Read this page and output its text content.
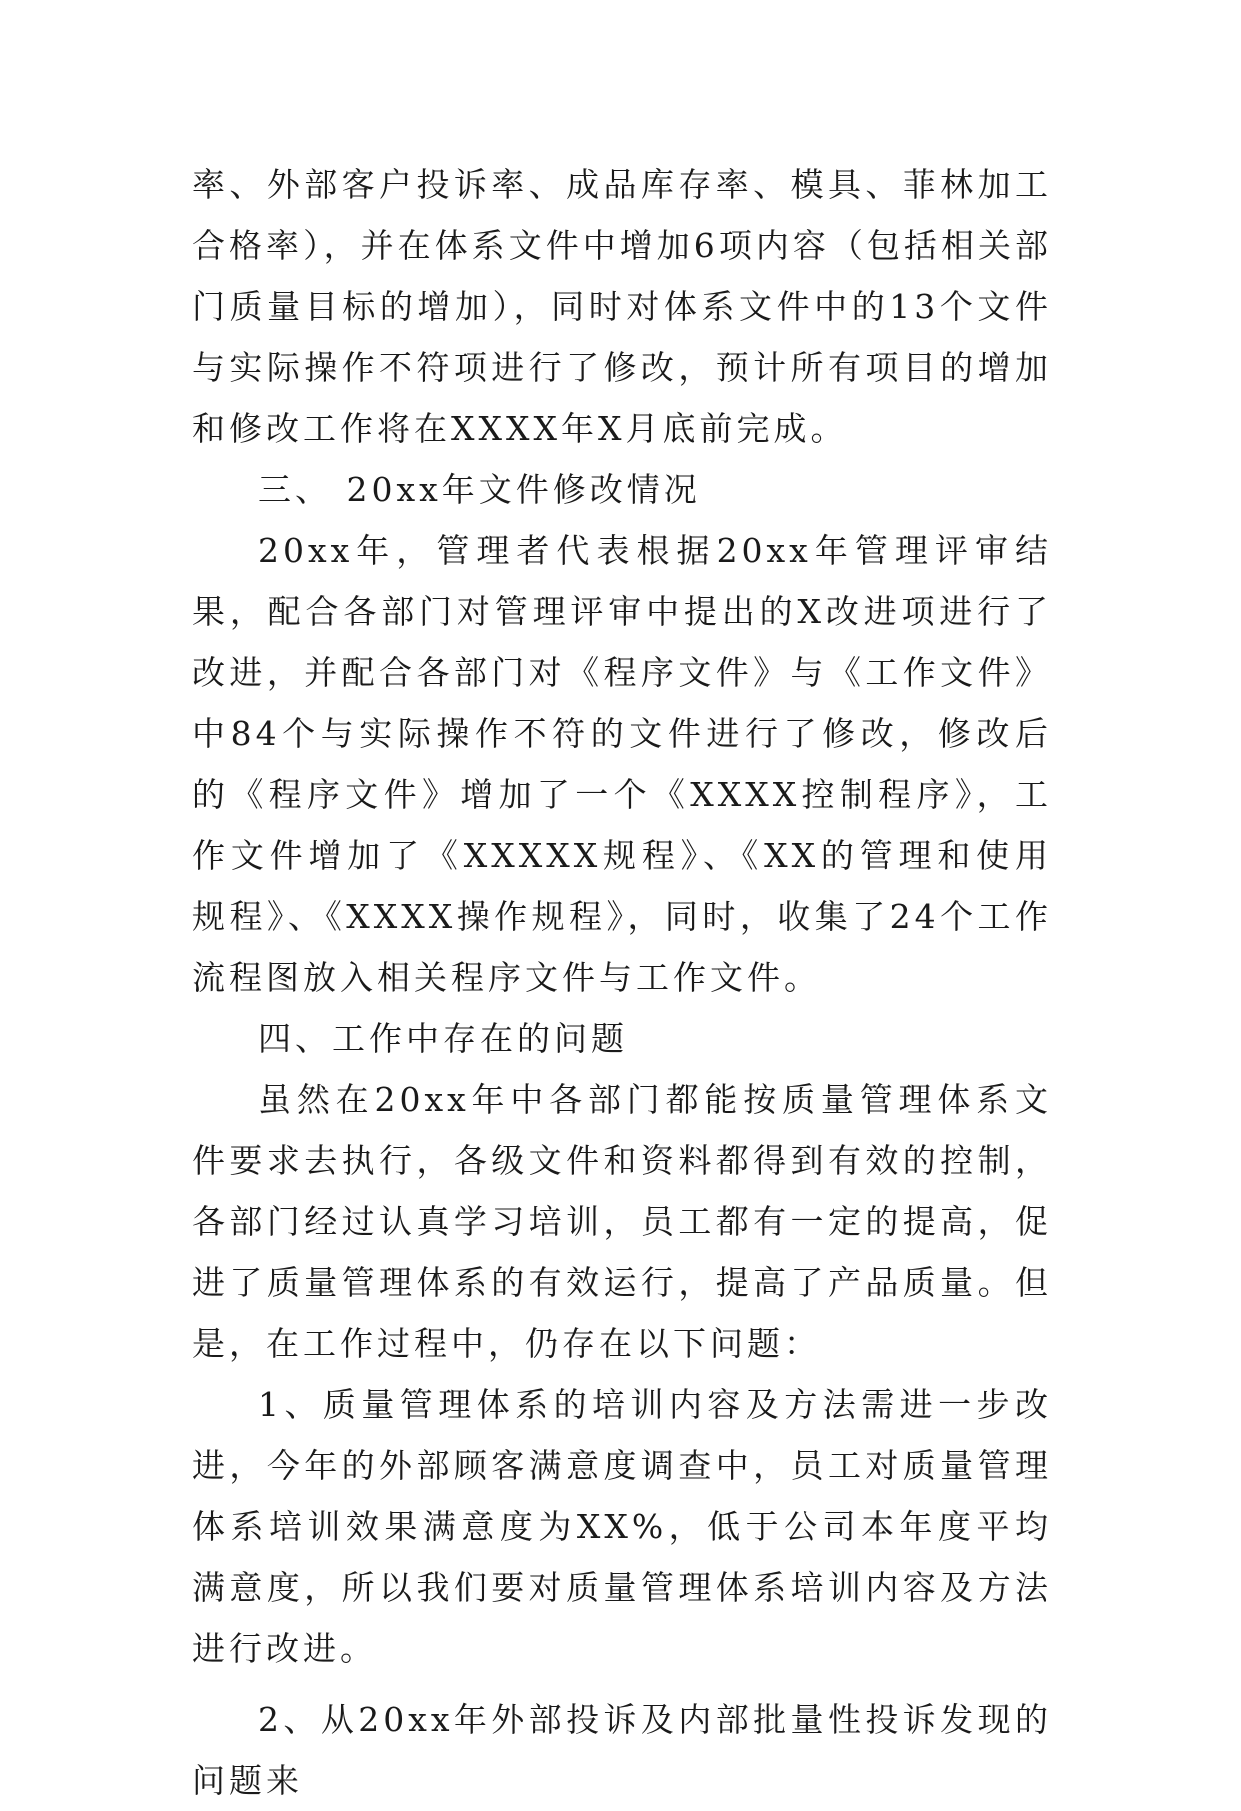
率、外部客户投诉率、成品库存率、模具、菲林加工合格率），并在体系文件中增加6项内容（包括相关部门质量目标的增加），同时对体系文件中的13个文件与实际操作不符项进行了修改，预计所有项目的增加和修改工作将在XXXX年X月底前完成。

三、 20xx年文件修改情况

20xx年，管理者代表根据20xx年管理评审结果，配合各部门对管理评审中提出的X改进项进行了改进，并配合各部门对《程序文件》与《工作文件》中84个与实际操作不符的文件进行了修改，修改后的《程序文件》增加了一个《XXXX控制程序》，工作文件增加了《XXXXX规程》、《XX的管理和使用规程》、《XXXX操作规程》，同时，收集了24个工作流程图放入相关程序文件与工作文件。

四、工作中存在的问题

虽然在20xx年中各部门都能按质量管理体系文件要求去执行，各级文件和资料都得到有效的控制，各部门经过认真学习培训，员工都有一定的提高，促进了质量管理体系的有效运行，提高了产品质量。但是，在工作过程中，仍存在以下问题：

1、质量管理体系的培训内容及方法需进一步改进，今年的外部顾客满意度调查中，员工对质量管理体系培训效果满意度为XX%，低于公司本年度平均满意度，所以我们要对质量管理体系培训内容及方法进行改进。

2、从20xx年外部投诉及内部批量性投诉发现的问题来
